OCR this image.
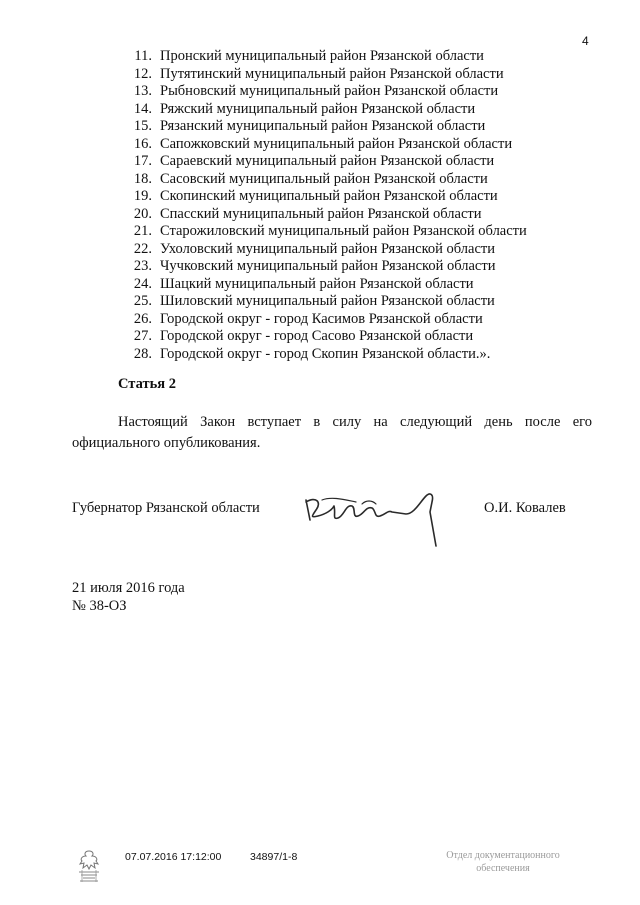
4
11. Пронский муниципальный район Рязанской области
12. Путятинский муниципальный район Рязанской области
13. Рыбновский муниципальный район Рязанской области
14. Ряжский муниципальный район Рязанской области
15. Рязанский муниципальный район Рязанской области
16. Сапожковский муниципальный район Рязанской области
17. Сараевский муниципальный район Рязанской области
18. Сасовский муниципальный район Рязанской области
19. Скопинский муниципальный район Рязанской области
20. Спасский муниципальный район Рязанской области
21. Старожиловский муниципальный район Рязанской области
22. Ухоловский муниципальный район Рязанской области
23. Чучковский муниципальный район Рязанской области
24. Шацкий муниципальный район Рязанской области
25. Шиловский муниципальный район Рязанской области
26. Городской округ - город Касимов Рязанской области
27. Городской округ - город Сасово Рязанской области
28. Городской округ - город Скопин Рязанской области.».
Статья 2
Настоящий Закон вступает в силу на следующий день после его официального опубликования.
Губернатор Рязанской области	О.И. Ковалев
21 июля 2016 года
№ 38-ОЗ
07.07.2016 17:12:00	34897/1-8	Отдел документационного
обеспечения
